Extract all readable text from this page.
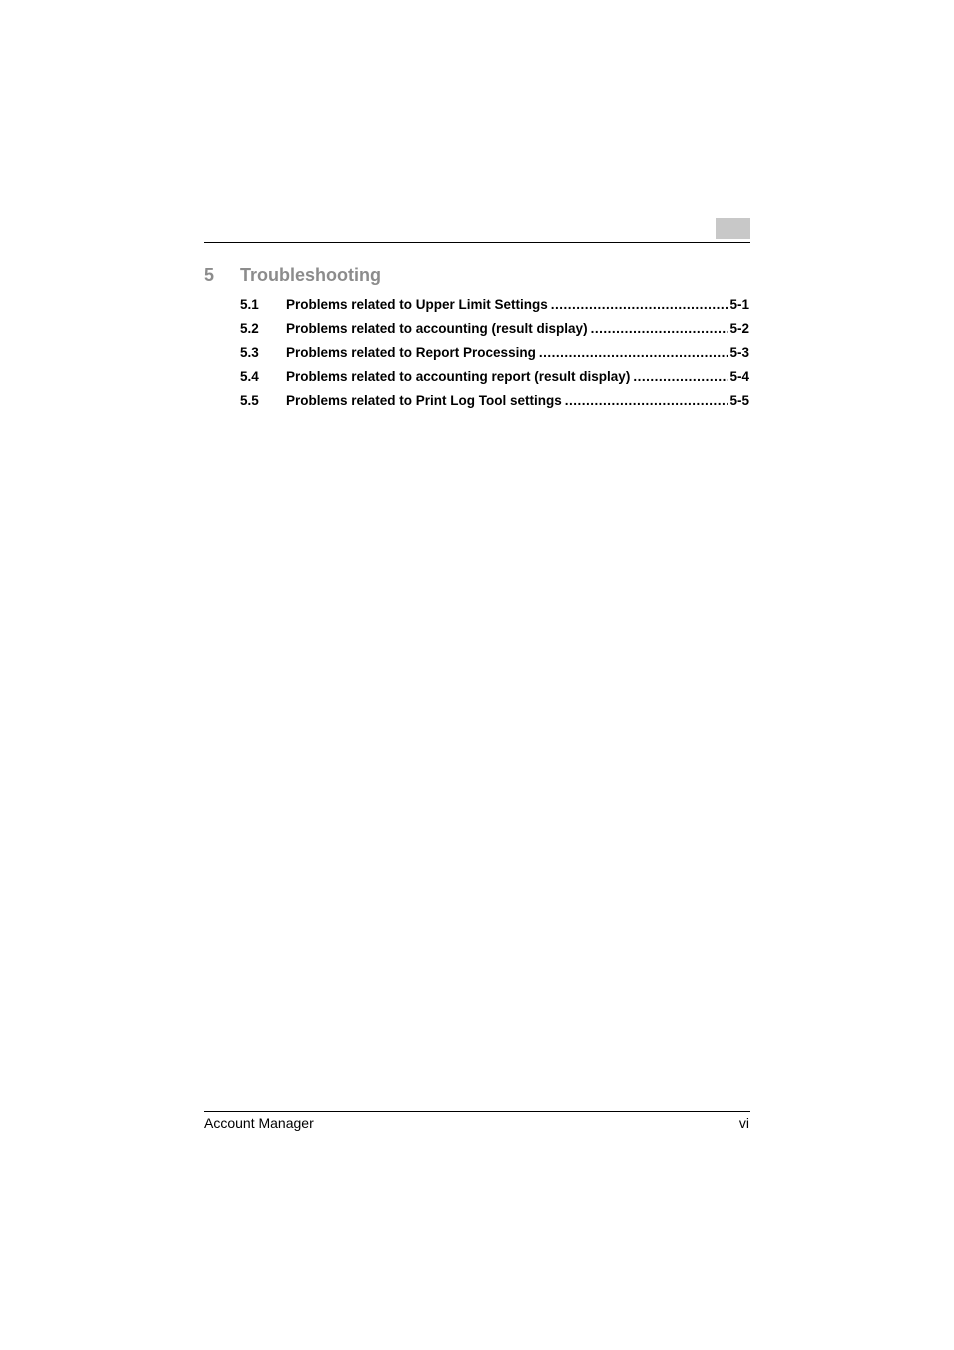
5 Troubleshooting
5.1 Problems related to Upper Limit Settings .....	5-1
5.2 Problems related to accounting (result display) .....	5-2
5.3 Problems related to Report Processing .....	5-3
5.4 Problems related to accounting report (result display) .....	5-4
5.5 Problems related to Print Log Tool settings .....	5-5
Account Manager	vi
